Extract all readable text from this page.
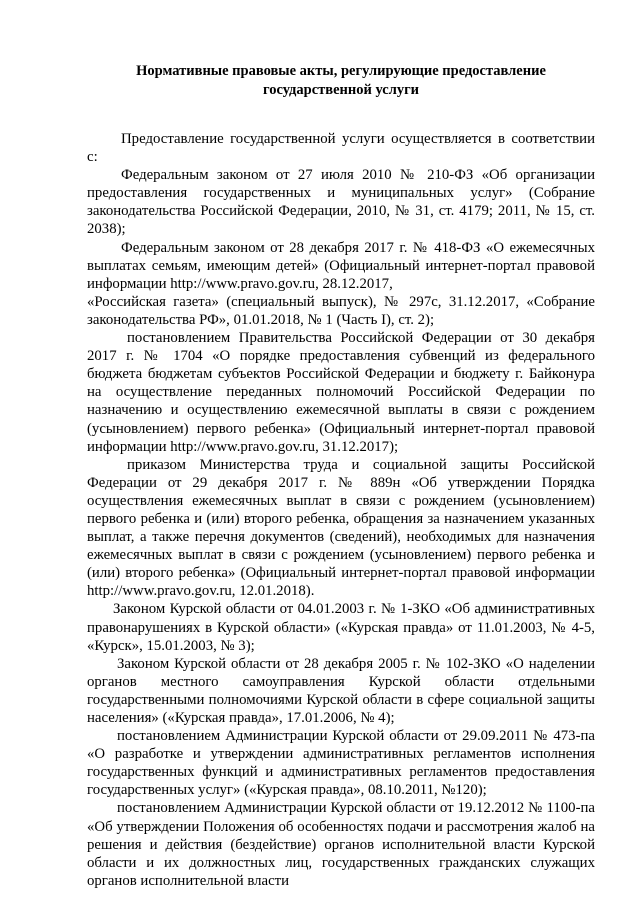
Нормативные правовые акты, регулирующие предоставление
государственной услуги

Предоставление государственной услуги осуществляется в соответствии с:

Федеральным законом от 27 июля 2010 № 210-ФЗ «Об организации предоставления государственных и муниципальных услуг» (Собрание законодательства Российской Федерации, 2010, № 31, ст. 4179; 2011, № 15, ст. 2038);

Федеральным законом от 28 декабря 2017 г. № 418-ФЗ «О ежемесячных выплатах семьям, имеющим детей» (Официальный интернет-портал правовой информации http://www.pravo.gov.ru, 28.12.2017,

«Российская газета» (специальный выпуск), № 297с, 31.12.2017, «Собрание законодательства РФ», 01.01.2018, № 1 (Часть I), ст. 2);

постановлением Правительства Российской Федерации от 30 декабря 2017 г. № 1704 «О порядке предоставления субвенций из федерального бюджета бюджетам субъектов Российской Федерации и бюджету г. Байконура на осуществление переданных полномочий Российской Федерации по назначению и осуществлению ежемесячной выплаты в связи с рождением (усыновлением) первого ребенка» (Официальный интернет-портал правовой информации http://www.pravo.gov.ru, 31.12.2017);

приказом Министерства труда и социальной защиты Российской Федерации от 29 декабря 2017 г. № 889н «Об утверждении Порядка осуществления ежемесячных выплат в связи с рождением (усыновлением) первого ребенка и (или) второго ребенка, обращения за назначением указанных выплат, а также перечня документов (сведений), необходимых для назначения ежемесячных выплат в связи с рождением (усыновлением) первого ребенка и (или) второго ребенка» (Официальный интернет-портал правовой информации http://www.pravo.gov.ru, 12.01.2018).

Законом Курской области от 04.01.2003 г. № 1-ЗКО «Об административных правонарушениях в Курской области» («Курская правда» от 11.01.2003, № 4-5, «Курск», 15.01.2003, № 3);

Законом Курской области от 28 декабря 2005 г. № 102-ЗКО «О наделении органов местного самоуправления Курской области отдельными государственными полномочиями Курской области в сфере социальной защиты населения» («Курская правда», 17.01.2006, № 4);

постановлением Администрации Курской области от 29.09.2011 № 473-па «О разработке и утверждении административных регламентов исполнения государственных функций и административных регламентов предоставления государственных услуг» («Курская правда», 08.10.2011, №120);

постановлением Администрации Курской области от 19.12.2012 № 1100-па «Об утверждении Положения об особенностях подачи и рассмотрения жалоб на решения и действия (бездействие) органов исполнительной власти Курской области и их должностных лиц, государственных гражданских служащих органов исполнительной власти
